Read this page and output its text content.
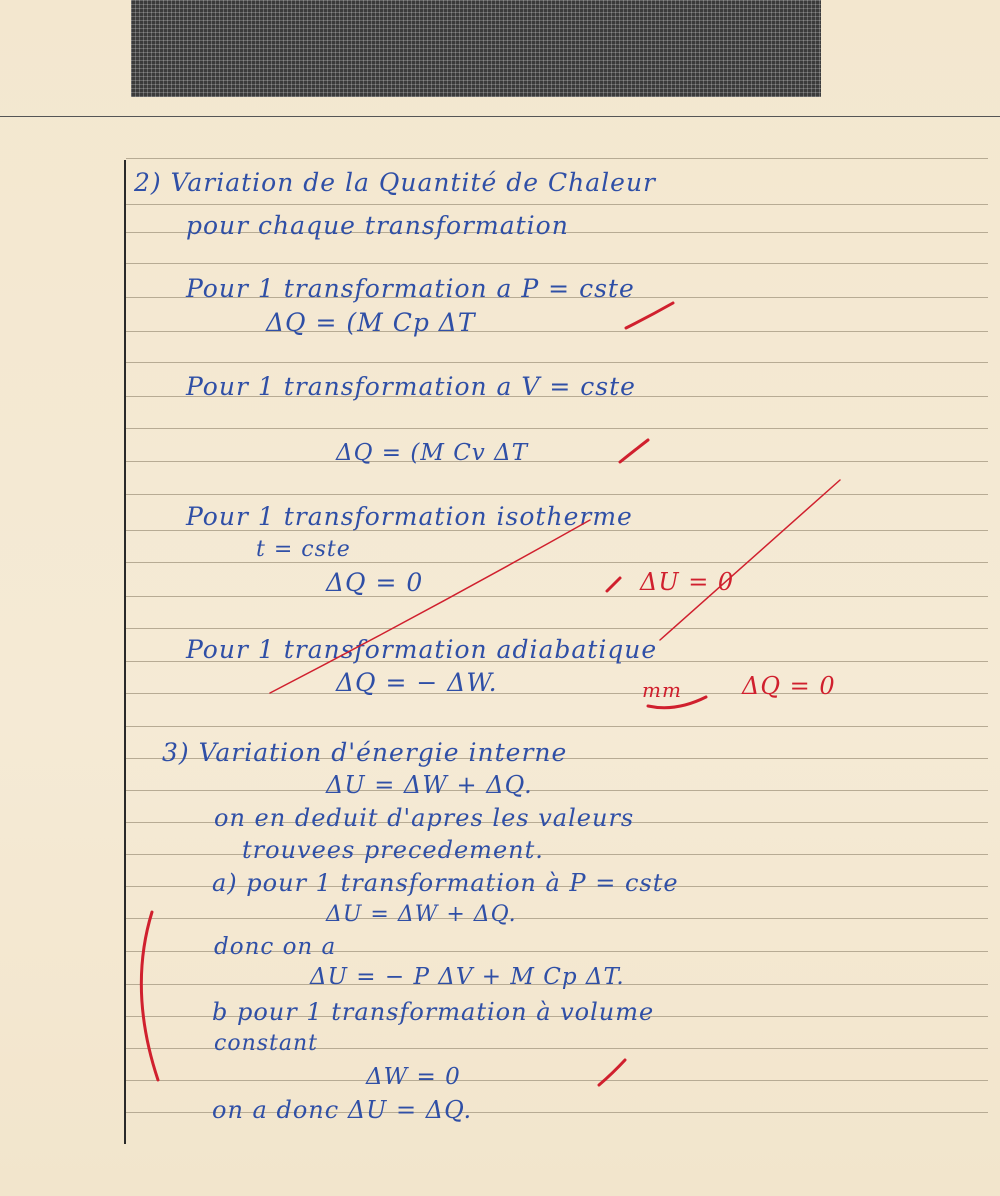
2) Variation de la Quantité de Chaleur

pour chaque transformation

Pour 1 transformation a P = cste

ΔQ = (M Cp ΔT

Pour 1 transformation a V = cste

ΔQ = (M Cv ΔT

Pour 1 transformation isotherme

t = cste

ΔQ = 0	ΔU = 0

Pour 1 transformation adiabatique

ΔQ = − ΔW.	mm	ΔQ = 0

3) Variation d'énergie interne

ΔU = ΔW + ΔQ.

on en deduit d'apres les valeurs

trouvees precedement.

a) pour 1 transformation à P = cste

ΔU = ΔW + ΔQ.

donc on a

ΔU = − P ΔV + M Cp ΔT.

b pour 1 transformation à volume

constant

ΔW = 0

on a donc ΔU = ΔQ.
